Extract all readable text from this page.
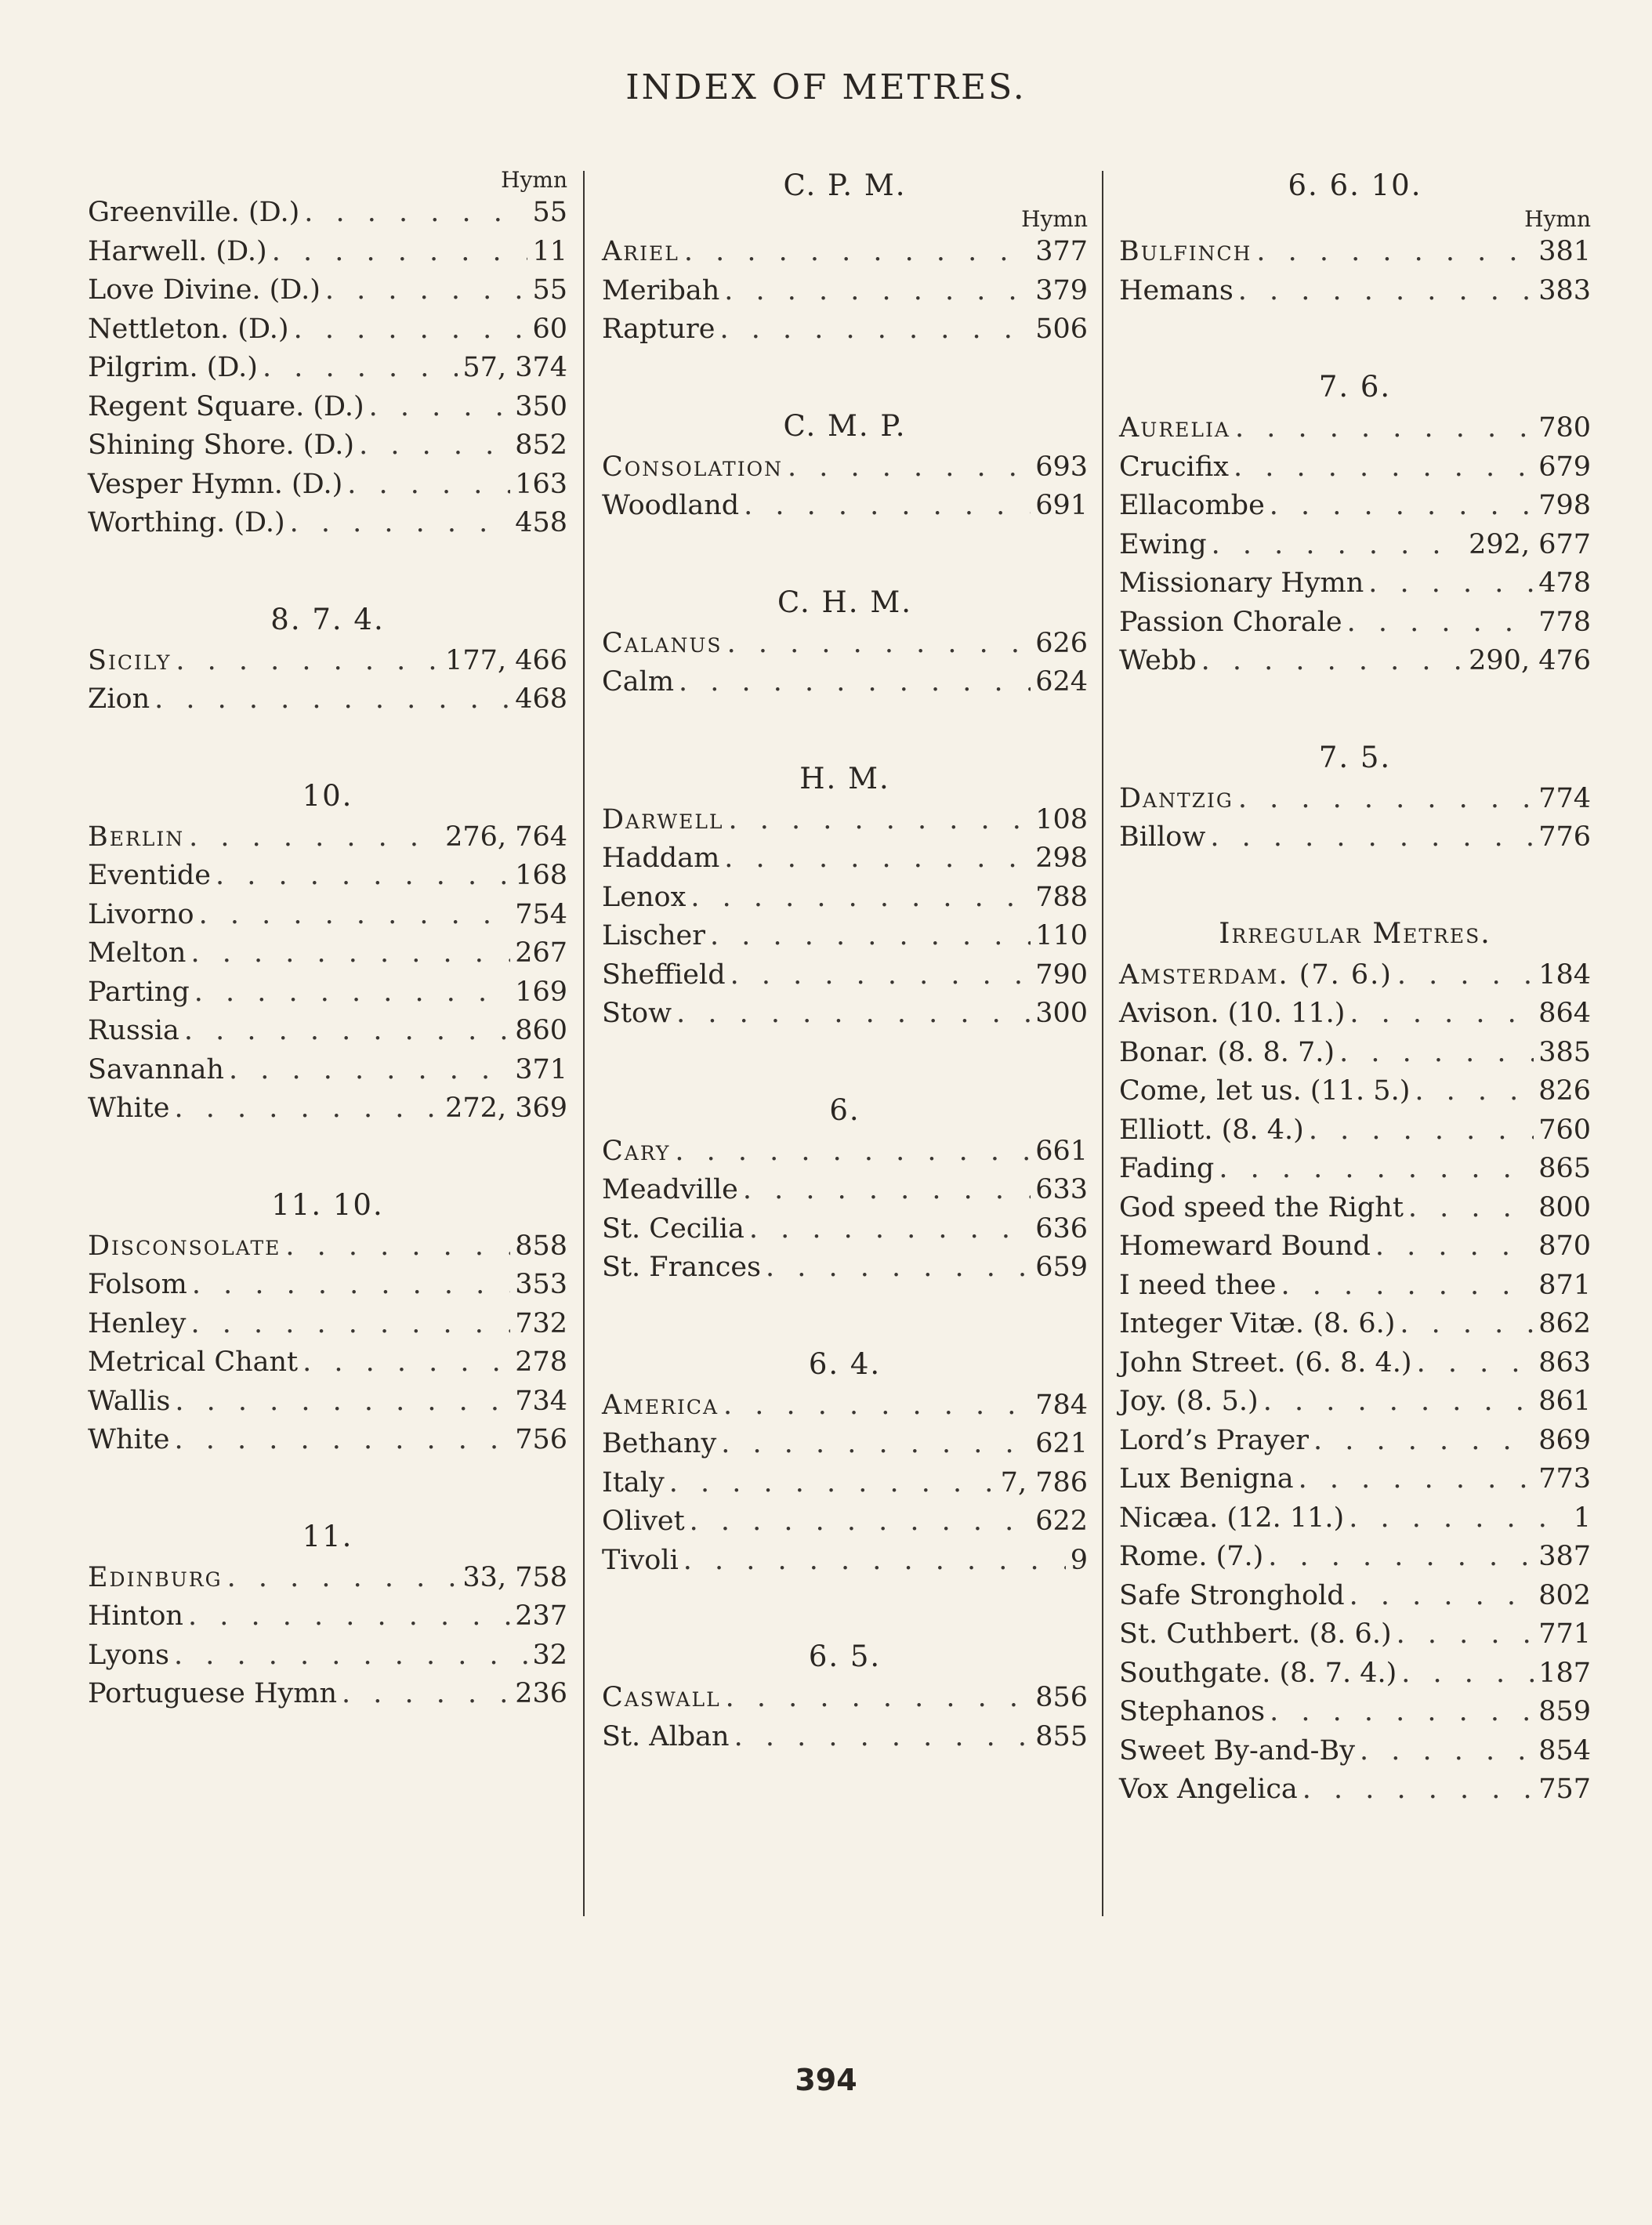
INDEX OF METRES.
Hymn
Greenville. (D.) . . .	55
Harwell. (D.) . . .	11
Love Divine. (D.) . . .	55
Nettleton. (D.) . . .	60
Pilgrim. (D.) . . .	57, 374
Regent Square. (D.) . . .	350
Shining Shore. (D.) . . .	852
Vesper Hymn. (D.) . . .	163
Worthing. (D.) . . .	458
8. 7. 4.
Sicily . . .	177, 466
Zion . . .	468
10.
Berlin . . .	276, 764
Eventide . . .	168
Livorno . . .	754
Melton . . .	267
Parting . . .	169
Russia . . .	860
Savannah . . .	371
White . . .	272, 369
11. 10.
Disconsolate . . .	858
Folsom . . .	353
Henley . . .	732
Metrical Chant . . .	278
Wallis . . .	734
White . . .	756
11.
Edinburg . . .	33, 758
Hinton . . .	237
Lyons . . .	32
Portuguese Hymn . . .	236
C. P. M.
Hymn
Ariel . . .	377
Meribah . . .	379
Rapture . . .	506
C. M. P.
Consolation . . .	693
Woodland . . .	691
C. H. M.
Calanus . . .	626
Calm . . .	624
H. M.
Darwell . . .	108
Haddam . . .	298
Lenox . . .	788
Lischer . . .	110
Sheffield . . .	790
Stow . . .	300
6.
Cary . . .	661
Meadville . . .	633
St. Cecilia . . .	636
St. Frances . . .	659
6. 4.
America . . .	784
Bethany . . .	621
Italy . . .	7, 786
Olivet . . .	622
Tivoli . . .	9
6. 5.
Caswall . . .	856
St. Alban . . .	855
6. 6. 10.
Hymn
Bulfinch . . .	381
Hemans . . .	383
7. 6.
Aurelia . . .	780
Crucifix . . .	679
Ellacombe . . .	798
Ewing . . .	292, 677
Missionary Hymn . . .	478
Passion Chorale . . .	778
Webb . . .	290, 476
7. 5.
Dantzig . . .	774
Billow . . .	776
Irregular Metres.
Amsterdam. (7. 6.) . . .	184
Avison. (10. 11.) . . .	864
Bonar. (8. 8. 7.) . . .	385
Come, let us. (11. 5.) . . .	826
Elliott. (8. 4.) . . .	760
Fading . . .	865
God speed the Right . . .	800
Homeward Bound . . .	870
I need thee . . .	871
Integer Vitæ. (8. 6.) . . .	862
John Street. (6. 8. 4.) . . .	863
Joy. (8. 5.) . . .	861
Lord’s Prayer . . .	869
Lux Benigna . . .	773
Nicæa. (12. 11.) . . .	1
Rome. (7.) . . .	387
Safe Stronghold . . .	802
St. Cuthbert. (8. 6.) . . .	771
Southgate. (8. 7. 4.) . . .	187
Stephanos . . .	859
Sweet By-and-By . . .	854
Vox Angelica . . .	757
394
